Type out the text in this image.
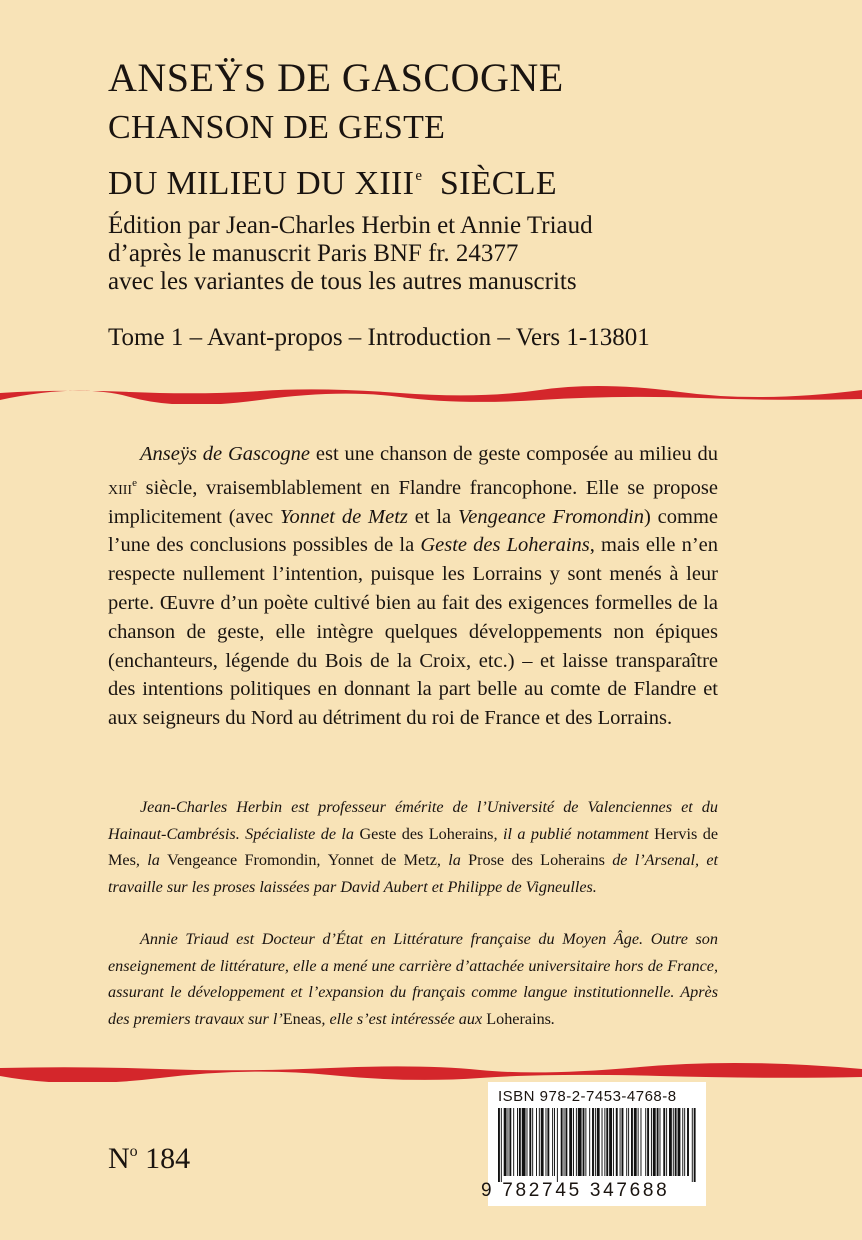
ANSEŸS DE GASCOGNE

CHANSON DE GESTE

DU MILIEU DU XIIIe SIÈCLE

Édition par Jean-Charles Herbin et Annie Triaud

d’après le manuscrit Paris BNF fr. 24377

avec les variantes de tous les autres manuscrits

Tome 1 – Avant-propos – Introduction – Vers 1-13801

Anseÿs de Gascogne est une chanson de geste composée au milieu du xiii$^e$ siècle, vraisemblablement en Flandre francophone. Elle se propose implicitement (avec Yonnet de Metz et la Vengeance Fromondin) comme l’une des conclusions possibles de la Geste des Loherains, mais elle n’en respecte nullement l’intention, puisque les Lorrains y sont menés à leur perte. Œuvre d’un poète cultivé bien au fait des exigences formelles de la chanson de geste, elle intègre quelques développements non épiques (enchanteurs, légende du Bois de la Croix, etc.) – et laisse transparaître des intentions politiques en donnant la part belle au comte de Flandre et aux seigneurs du Nord au détriment du roi de France et des Lorrains.

Jean-Charles Herbin est professeur émérite de l’Université de Valenciennes et du Hainaut-Cambrésis. Spécialiste de la Geste des Loherains, il a publié notamment Hervis de Mes, la Vengeance Fromondin, Yonnet de Metz, la Prose des Loherains de l’Arsenal, et travaille sur les proses laissées par David Aubert et Philippe de Vigneulles.

Annie Triaud est Docteur d’État en Littérature française du Moyen Âge. Outre son enseignement de littérature, elle a mené une carrière d’attachée universitaire hors de France, assurant le développement et l’expansion du français comme langue institutionnelle. Après des premiers travaux sur l’Eneas, elle s’est intéressée aux Loherains.

$N^o$ 184

ISBN 978-2-7453-4768-8
9 782745 347688
